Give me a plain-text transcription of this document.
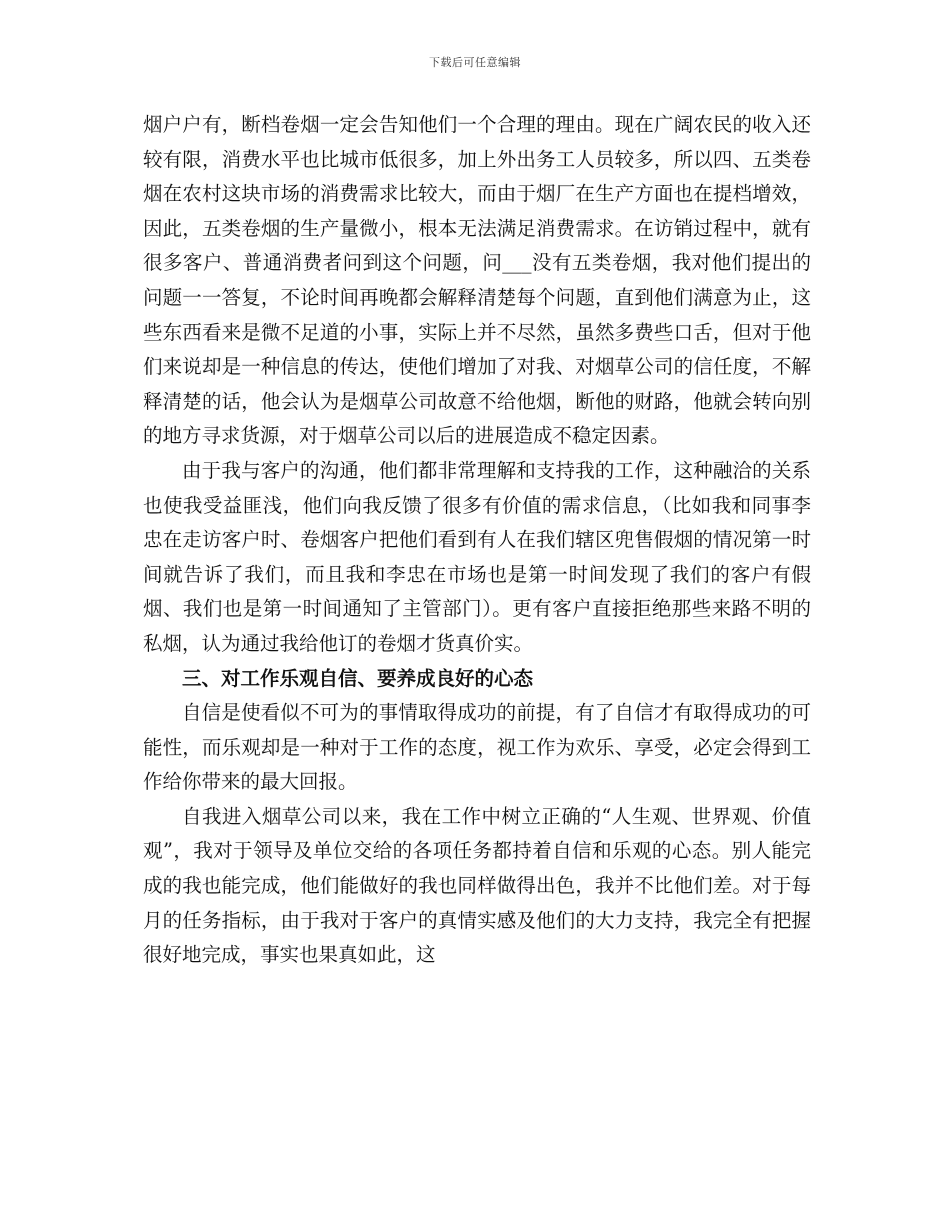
下载后可任意编辑

烟户户有，断档卷烟一定会告知他们一个合理的理由。现在广阔农民的收入还较有限，消费水平也比城市低很多，加上外出务工人员较多，所以四、五类卷烟在农村这块市场的消费需求比较大，而由于烟厂在生产方面也在提档增效，因此，五类卷烟的生产量微小，根本无法满足消费需求。在访销过程中，就有很多客户、普通消费者问到这个问题，问___没有五类卷烟，我对他们提出的问题一一答复，不论时间再晚都会解释清楚每个问题，直到他们满意为止，这些东西看来是微不足道的小事，实际上并不尽然，虽然多费些口舌，但对于他们来说却是一种信息的传达，使他们增加了对我、对烟草公司的信任度，不解释清楚的话，他会认为是烟草公司故意不给他烟，断他的财路，他就会转向别的地方寻求货源，对于烟草公司以后的进展造成不稳定因素。

由于我与客户的沟通，他们都非常理解和支持我的工作，这种融洽的关系也使我受益匪浅，他们向我反馈了很多有价值的需求信息，（比如我和同事李忠在走访客户时、卷烟客户把他们看到有人在我们辖区兜售假烟的情况第一时间就告诉了我们，而且我和李忠在市场也是第一时间发现了我们的客户有假烟、我们也是第一时间通知了主管部门）。更有客户直接拒绝那些来路不明的私烟，认为通过我给他订的卷烟才货真价实。

三、对工作乐观自信、要养成良好的心态

自信是使看似不可为的事情取得成功的前提，有了自信才有取得成功的可能性，而乐观却是一种对于工作的态度，视工作为欢乐、享受，必定会得到工作给你带来的最大回报。

自我进入烟草公司以来，我在工作中树立正确的“人生观、世界观、价值观”，我对于领导及单位交给的各项任务都持着自信和乐观的心态。别人能完成的我也能完成，他们能做好的我也同样做得出色，我并不比他们差。对于每月的任务指标，由于我对于客户的真情实感及他们的大力支持，我完全有把握很好地完成，事实也果真如此，这
